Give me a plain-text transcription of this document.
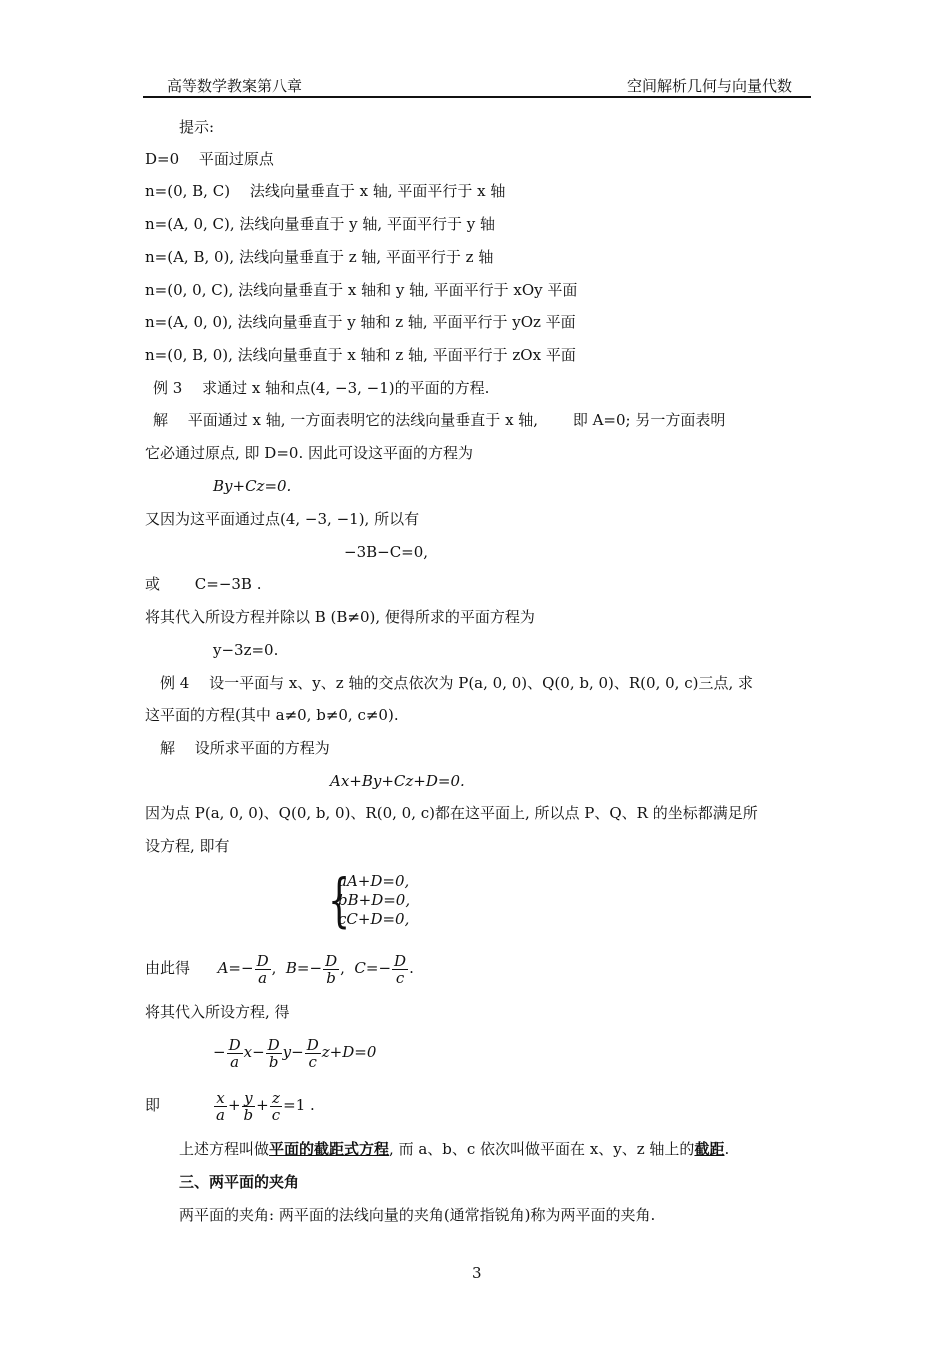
高等数学教案第八章	空间解析几何与向量代数
提示:
D=0　 平面过原点
n=(0, B, C)　 法线向量垂直于 x 轴, 平面平行于 x 轴
n=(A, 0, C), 法线向量垂直于 y 轴, 平面平行于 y 轴
n=(A, B, 0), 法线向量垂直于 z 轴, 平面平行于 z 轴
n=(0, 0, C), 法线向量垂直于 x 轴和 y 轴, 平面平行于 xOy 平面
n=(A, 0, 0), 法线向量垂直于 y 轴和 z 轴, 平面平行于 yOz 平面
n=(0, B, 0), 法线向量垂直于 x 轴和 z 轴, 平面平行于 zOx 平面
例 3　 求通过 x 轴和点(4, −3, −1)的平面的方程.
解　 平面通过 x 轴, 一方面表明它的法线向量垂直于 x 轴,　　 即 A=0; 另一方面表明
它必通过原点, 即 D=0. 因此可设这平面的方程为
By+Cz=0.
又因为这平面通过点(4, −3, −1), 所以有
−3B−C=0,
或　　 C=−3B .
将其代入所设方程并除以 B (B≠0), 便得所求的平面方程为
y−3z=0.
例 4　 设一平面与 x、y、z 轴的交点依次为 P(a, 0, 0)、Q(0, b, 0)、R(0, 0, c)三点, 求
这平面的方程(其中 a≠0, b≠0, c≠0).
解　 设所求平面的方程为
Ax+By+Cz+D=0.
因为点 P(a, 0, 0)、Q(0, b, 0)、R(0, 0, c)都在这平面上, 所以点 P、Q、R 的坐标都满足所
设方程, 即有
{
aA+D=0,
bB+D=0,
cC+D=0,
由此得 $A=- \frac{D}{a}$ ,  $B=- \frac{D}{b}$ ,  $C=- \frac{D}{c}$ .
将其代入所设方程, 得
− $\frac{D}{a} x- \frac{D}{b} y- \frac{D}{c} z+D=0$
即	$\frac{x}{a} + \frac{y}{b} + \frac{z}{c} =1$ .
上述方程叫做平面的截距式方程, 而 a、b、c 依次叫做平面在 x、y、z 轴上的截距.
三、两平面的夹角
两平面的夹角: 两平面的法线向量的夹角(通常指锐角)称为两平面的夹角.
3
